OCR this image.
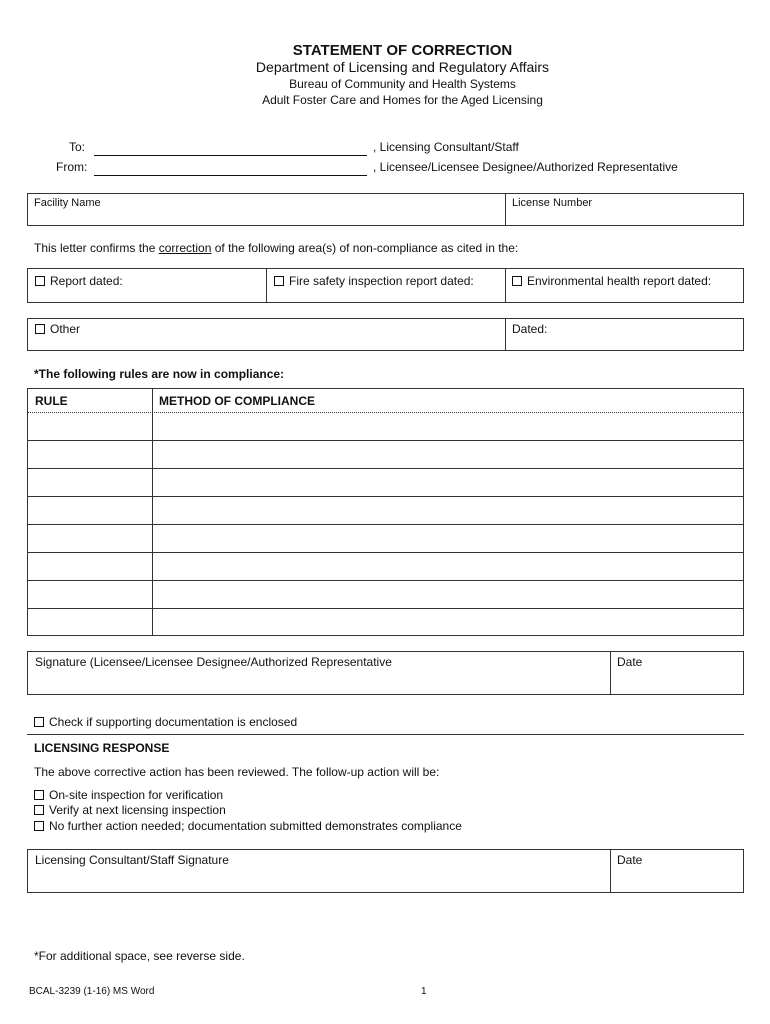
STATEMENT OF CORRECTION
Department of Licensing and Regulatory Affairs
Bureau of Community and Health Systems
Adult Foster Care and Homes for the Aged Licensing
To:	, Licensing Consultant/Staff
From:	, Licensee/Licensee Designee/Authorized Representative
Facility Name	License Number
This letter confirms the correction of the following area(s) of non-compliance as cited in the:
Report dated:	Fire safety inspection report dated:	Environmental health report dated:
Other	Dated:
*The following rules are now in compliance:
RULE	METHOD OF COMPLIANCE
Signature (Licensee/Licensee Designee/Authorized Representative	Date
Check if supporting documentation is enclosed
LICENSING RESPONSE
The above corrective action has been reviewed. The follow-up action will be:
On-site inspection for verification
Verify at next licensing inspection
No further action needed; documentation submitted demonstrates compliance
Licensing Consultant/Staff Signature	Date
*For additional space, see reverse side.
BCAL-3239 (1-16) MS Word	1
